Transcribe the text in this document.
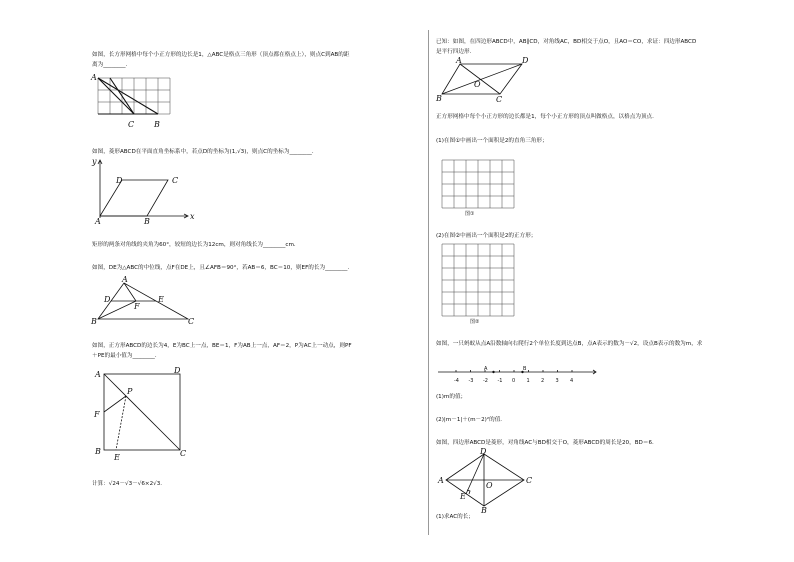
如图，长方形网格中每个小正方形的边长是1，△ABC是格点三角形（顶点都在格点上），则点C到AB的距
离为________.
A
C B
如图，菱形ABCD在平面直角坐标系中，若点D的坐标为(1,√3)，则点C的坐标为________.
y
x
D	C
A	B
矩形的两条对角线的夹角为60°，较短的边长为12cm，则对角线长为________cm.
如图，DE为△ABC的中位线，点F在DE上，且∠AFB＝90°，若AB＝6，BC＝10，则EF的长为________.
A
D	E
F
B	C
如图，正方形ABCD的边长为4，E为BC上一点，BE＝1，F为AB上一点，AF＝2，P为AC上一动点，则PF
＋PE的最小值为________.
A	D
P
F
B
E	C
计算：√24－√3－√6×2√3.
已知：如图，在四边形ABCD中，AB∥CD，对角线AC，BD相交于点O，且AO＝CO，求证：四边形ABCD
是平行四边形.
A	D
O
B	C
正方形网格中每个小正方形的边长都是1，每个小正方形的顶点叫做格点，以格点为顶点.
(1)在图①中画出一个面积是2的直角三角形；
图①
(2)在图②中画出一个面积是2的正方形；
图②
如图，一只蚂蚁从点A沿数轴向右爬行2个单位长度到达点B，点A表示的数为－√2，设点B表示的数为m，求
-4 -3 -2 -1 0 1 2 3 4
A	B
(1)m的值；
(2)|m－1|＋(m－2)²的值.
如图，四边形ABCD是菱形，对角线AC与BD相交于O，菱形ABCD的周长是20，BD＝6.
D
A
O
C
E
B
(1)求AC的长；
